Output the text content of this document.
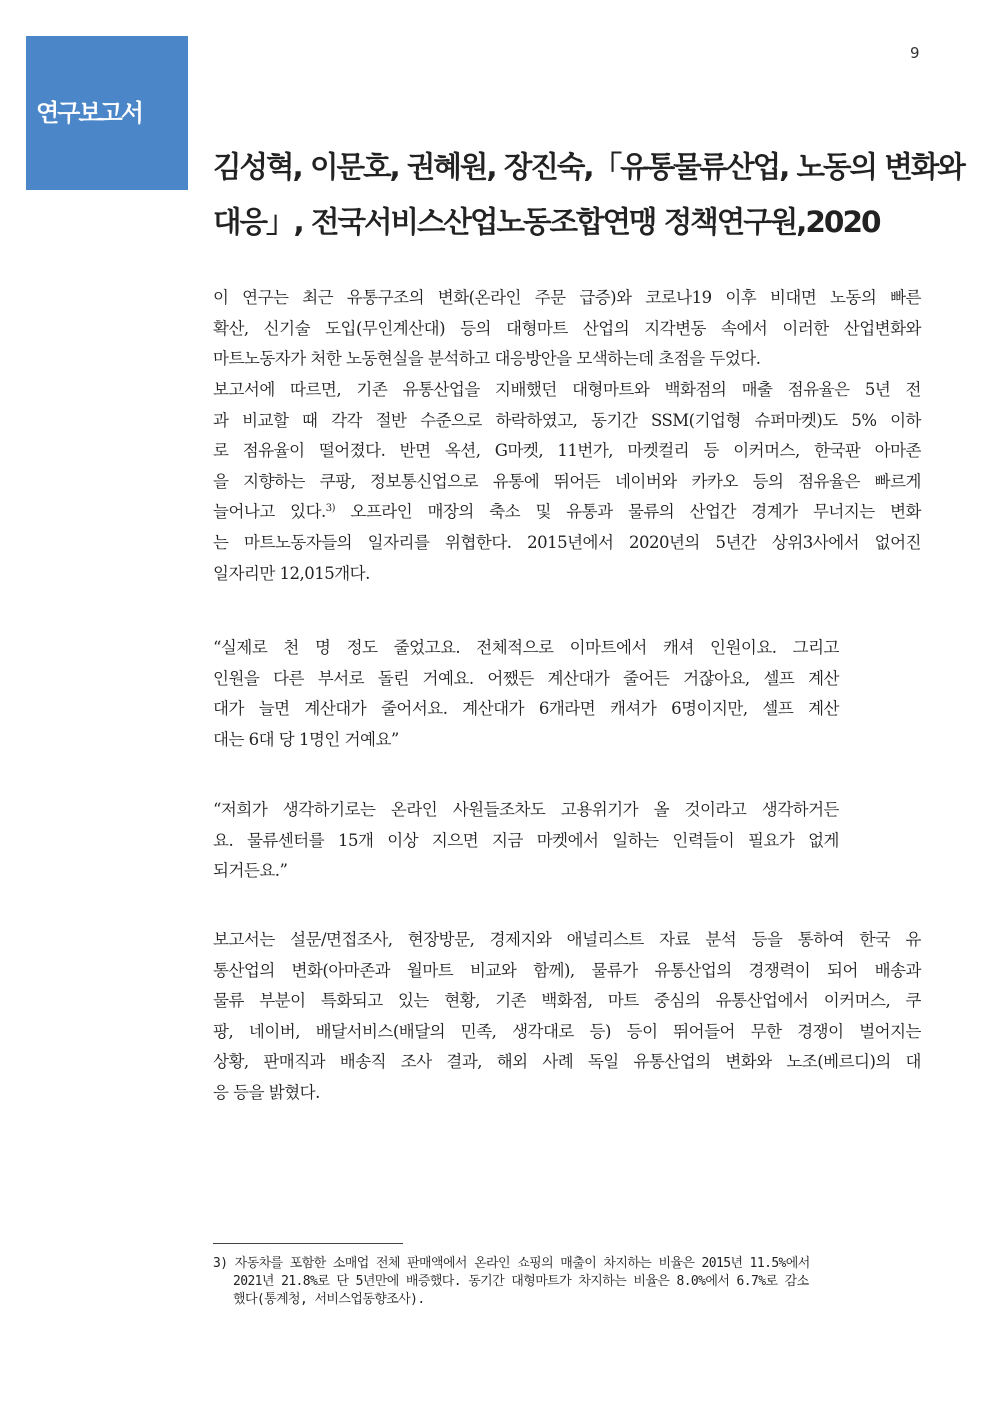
연구보고서
9
김성혁, 이문호, 권혜원, 장진숙,「유통물류산업, 노동의 변화와
대응」, 전국서비스산업노동조합연맹 정책연구원,2020
이 연구는 최근 유통구조의 변화(온라인 주문 급증)와 코로나19 이후 비대면 노동의 빠른
확산, 신기술 도입(무인계산대) 등의 대형마트 산업의 지각변동 속에서 이러한 산업변화와
마트노동자가 처한 노동현실을 분석하고 대응방안을 모색하는데 초점을 두었다.
보고서에 따르면, 기존 유통산업을 지배했던 대형마트와 백화점의 매출 점유율은 5년 전
과 비교할 때 각각 절반 수준으로 하락하였고, 동기간 SSM(기업형 슈퍼마켓)도 5% 이하
로 점유율이 떨어졌다. 반면 옥션, G마켓, 11번가, 마켓컬리 등 이커머스, 한국판 아마존
을 지향하는 쿠팡, 정보통신업으로 유통에 뛰어든 네이버와 카카오 등의 점유율은 빠르게
늘어나고 있다.$^{3)}$ 오프라인 매장의 축소 및 유통과 물류의 산업간 경계가 무너지는 변화
는 마트노동자들의 일자리를 위협한다. 2015년에서 2020년의 5년간 상위3사에서 없어진
일자리만 12,015개다.
“실제로 천 명 정도 줄었고요. 전체적으로 이마트에서 캐셔 인원이요. 그리고
인원을 다른 부서로 돌린 거예요. 어쨌든 계산대가 줄어든 거잖아요, 셀프 계산
대가 늘면 계산대가 줄어서요. 계산대가 6개라면 캐셔가 6명이지만, 셀프 계산
대는 6대 당 1명인 거예요”
“저희가 생각하기로는 온라인 사원들조차도 고용위기가 올 것이라고 생각하거든
요. 물류센터를 15개 이상 지으면 지금 마켓에서 일하는 인력들이 필요가 없게
되거든요.”
보고서는 설문/면접조사, 현장방문, 경제지와 애널리스트 자료 분석 등을 통하여 한국 유
통산업의 변화(아마존과 월마트 비교와 함께), 물류가 유통산업의 경쟁력이 되어 배송과
물류 부분이 특화되고 있는 현황, 기존 백화점, 마트 중심의 유통산업에서 이커머스, 쿠
팡, 네이버, 배달서비스(배달의 민족, 생각대로 등) 등이 뛰어들어 무한 경쟁이 벌어지는
상황, 판매직과 배송직 조사 결과, 해외 사례 독일 유통산업의 변화와 노조(베르디)의 대
응 등을 밝혔다.
3) 자동차를 포함한 소매업 전체 판매액에서 온라인 쇼핑의 매출이 차지하는 비율은 2015년 11.5%에서
2021년 21.8%로 단 5년만에 배증했다. 동기간 대형마트가 차지하는 비율은 8.0%에서 6.7%로 감소
했다(통계청, 서비스업동향조사).
